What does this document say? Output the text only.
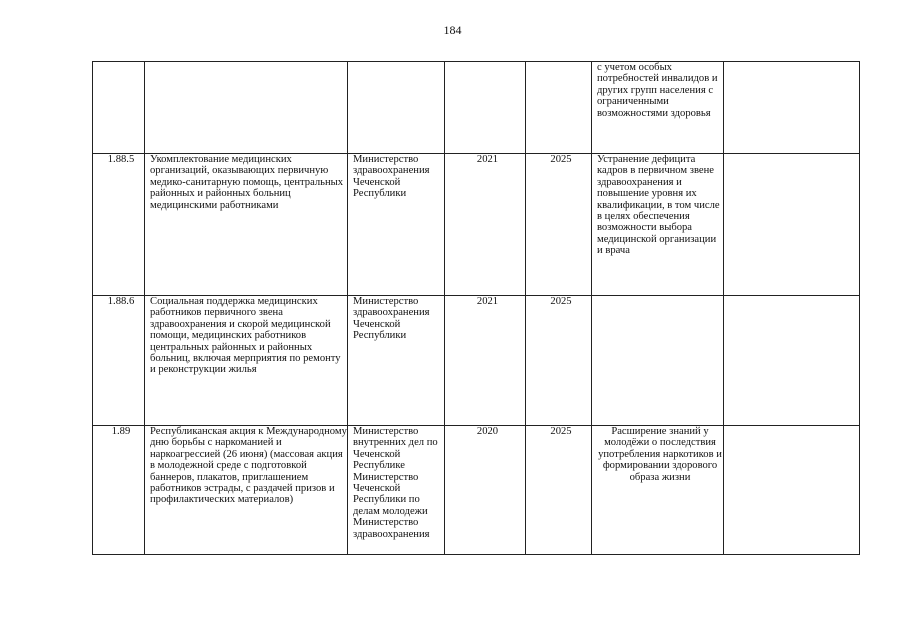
184
					с учетом особых потребностей инвалидов и других групп населения с ограниченными возможностями здоровья	
1.88.5	Укомплектование медицинских организаций, оказывающих первичную медико-санитарную помощь, центральных районных и районных больниц медицинскими работниками	Министерство здравоохранения Чеченской Республики	2021	2025	Устранение дефицита кадров в первичном звене здравоохранения и повышение уровня их квалификации, в том числе в целях обеспечения возможности выбора медицинской организации и врача	
1.88.6	Социальная поддержка медицинских работников первичного звена здравоохранения и скорой медицинской помощи, медицинских работников центральных районных и районных больниц, включая мерприятия по ремонту и реконструкции жилья	Министерство здравоохранения Чеченской Республики	2021	2025		
1.89	Республиканская акция к Международному дню борьбы с наркоманией и наркоагрессией (26 июня) (массовая акция в молодежной среде с подготовкой баннеров, плакатов, приглашением работников эстрады, с раздачей призов и профилактических материалов)	Министерство внутренних дел по Чеченской Республике Министерство Чеченской Республики по делам молодежи Министерство здравоохранения	2020	2025	Расширение знаний у молодёжи о последствия употребления наркотиков и формировании здорового образа жизни	
